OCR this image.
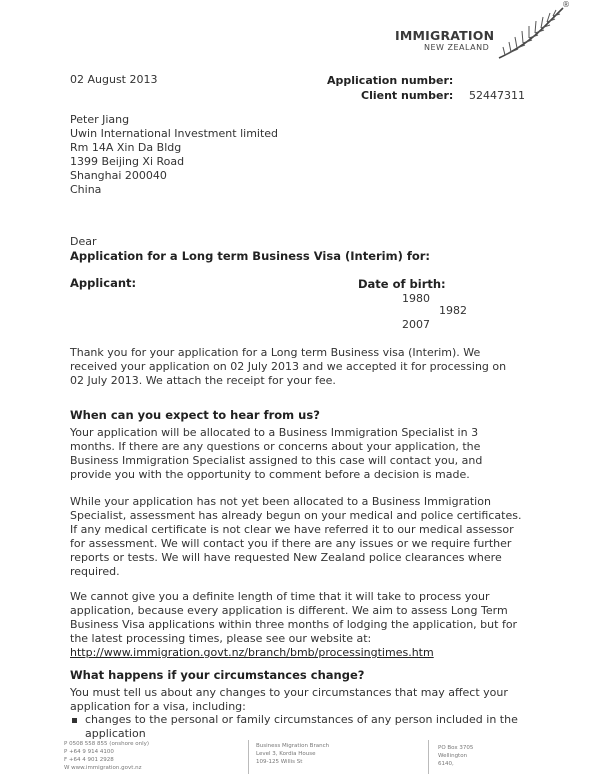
IMMIGRATION
NEW ZEALAND
®
02 August 2013	Application number:
Client number: 52447311

Peter Jiang

Uwin International Investment limited

Rm 14A Xin Da Bldg

1399 Beijing Xi Road

Shanghai 200040

China

Dear
Application for a Long term Business Visa (Interim) for:
Applicant:	Date of birth:
1980
1982
2007

Thank you for your application for a Long term Business visa (Interim). We

received your application on 02 July 2013 and we accepted it for processing on

02 July 2013. We attach the receipt for your fee.

When can you expect to hear from us?

Your application will be allocated to a Business Immigration Specialist in 3

months. If there are any questions or concerns about your application, the

Business Immigration Specialist assigned to this case will contact you, and

provide you with the opportunity to comment before a decision is made.

While your application has not yet been allocated to a Business Immigration

Specialist, assessment has already begun on your medical and police certificates.

If any medical certificate is not clear we have referred it to our medical assessor

for assessment. We will contact you if there are any issues or we require further

reports or tests. We will have requested New Zealand police clearances where

required.

We cannot give you a definite length of time that it will take to process your

application, because every application is different. We aim to assess Long Term

Business Visa applications within three months of lodging the application, but for

the latest processing times, please see our website at:

http://www.immigration.govt.nz/branch/bmb/processingtimes.htm

What happens if your circumstances change?

You must tell us about any changes to your circumstances that may affect your

application for a visa, including:

changes to the personal or family circumstances of any person included in the

application

P 0508 558 855 (onshore only)

P +64 9 914 4100

F +64 4 901 2928

W www.immigration.govt.nz

Business Migration Branch

Level 3, Kordia House

109-125 Willis St

PO Box 3705

Wellington

6140,
